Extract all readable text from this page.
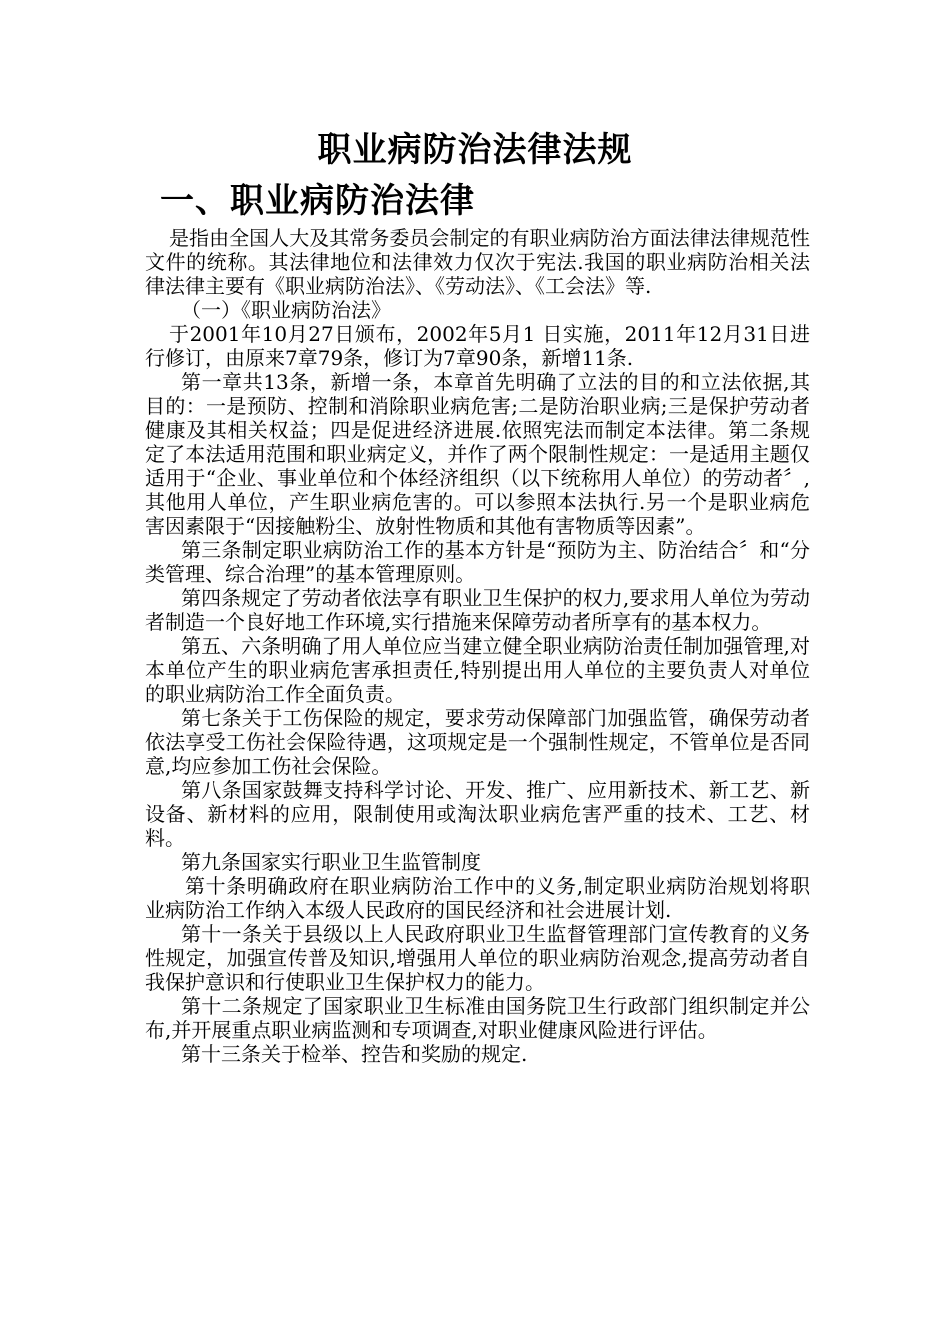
职业病防治法律法规
一、职业病防治法律

是指由全国人大及其常务委员会制定的有职业病防治方面法律法律规范性文件的统称。其法律地位和法律效力仅次于宪法.我国的职业病防治相关法律法律主要有《职业病防治法》、《劳动法》、《工会法》等.

（一）《职业病防治法》

于2001年10月27日颁布，2002年5月1 日实施，2011年12月31日进行修订，由原来7章79条，修订为7章90条，新增11条.

第一章共13条，新增一条，本章首先明确了立法的目的和立法依据,其目的：一是预防、控制和消除职业病危害;二是防治职业病;三是保护劳动者健康及其相关权益；四是促进经济进展.依照宪法而制定本法律。第二条规定了本法适用范围和职业病定义，并作了两个限制性规定：一是适用主题仅适用于“企业、事业单位和个体经济组织（以下统称用人单位）的劳动者〞,其他用人单位，产生职业病危害的。可以参照本法执行.另一个是职业病危害因素限于“因接触粉尘、放射性物质和其他有害物质等因素”。

第三条制定职业病防治工作的基本方针是“预防为主、防治结合〞和“分类管理、综合治理”的基本管理原则。

第四条规定了劳动者依法享有职业卫生保护的权力,要求用人单位为劳动者制造一个良好地工作环境,实行措施来保障劳动者所享有的基本权力。

第五、六条明确了用人单位应当建立健全职业病防治责任制加强管理,对本单位产生的职业病危害承担责任,特别提出用人单位的主要负责人对单位的职业病防治工作全面负责。

第七条关于工伤保险的规定，要求劳动保障部门加强监管，确保劳动者依法享受工伤社会保险待遇，这项规定是一个强制性规定，不管单位是否同意,均应参加工伤社会保险。

第八条国家鼓舞支持科学讨论、开发、推广、应用新技术、新工艺、新设备、新材料的应用，限制使用或淘汰职业病危害严重的技术、工艺、材料。

第九条国家实行职业卫生监管制度

第十条明确政府在职业病防治工作中的义务,制定职业病防治规划将职业病防治工作纳入本级人民政府的国民经济和社会进展计划.

第十一条关于县级以上人民政府职业卫生监督管理部门宣传教育的义务性规定，加强宣传普及知识,增强用人单位的职业病防治观念,提高劳动者自我保护意识和行使职业卫生保护权力的能力。

第十二条规定了国家职业卫生标准由国务院卫生行政部门组织制定并公布,并开展重点职业病监测和专项调查,对职业健康风险进行评估。

第十三条关于检举、控告和奖励的规定.
